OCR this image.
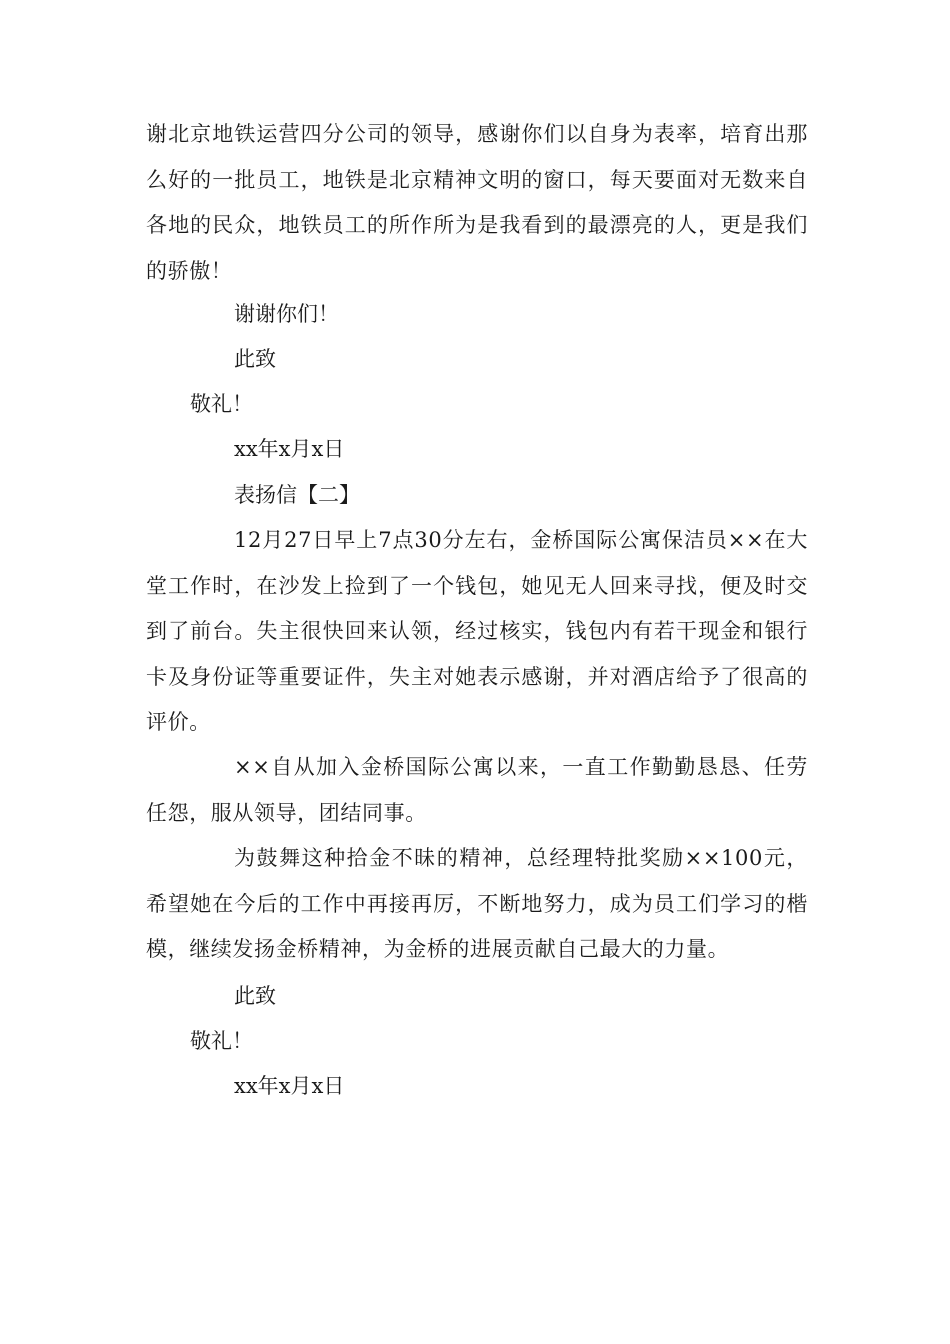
谢北京地铁运营四分公司的领导，感谢你们以自身为表率，培育出那么好的一批员工，地铁是北京精神文明的窗口，每天要面对无数来自各地的民众，地铁员工的所作所为是我看到的最漂亮的人，更是我们的骄傲！

谢谢你们！

此致

敬礼！

xx年x月x日

表扬信【二】

12月27日早上7点30分左右，金桥国际公寓保洁员××在大堂工作时，在沙发上捡到了一个钱包，她见无人回来寻找，便及时交到了前台。失主很快回来认领，经过核实，钱包内有若干现金和银行卡及身份证等重要证件，失主对她表示感谢，并对酒店给予了很高的评价。

××自从加入金桥国际公寓以来，一直工作勤勤恳恳、任劳任怨，服从领导，团结同事。

为鼓舞这种拾金不昧的精神，总经理特批奖励××100元，希望她在今后的工作中再接再厉，不断地努力，成为员工们学习的楷模，继续发扬金桥精神，为金桥的进展贡献自己最大的力量。

此致

敬礼！

xx年x月x日
